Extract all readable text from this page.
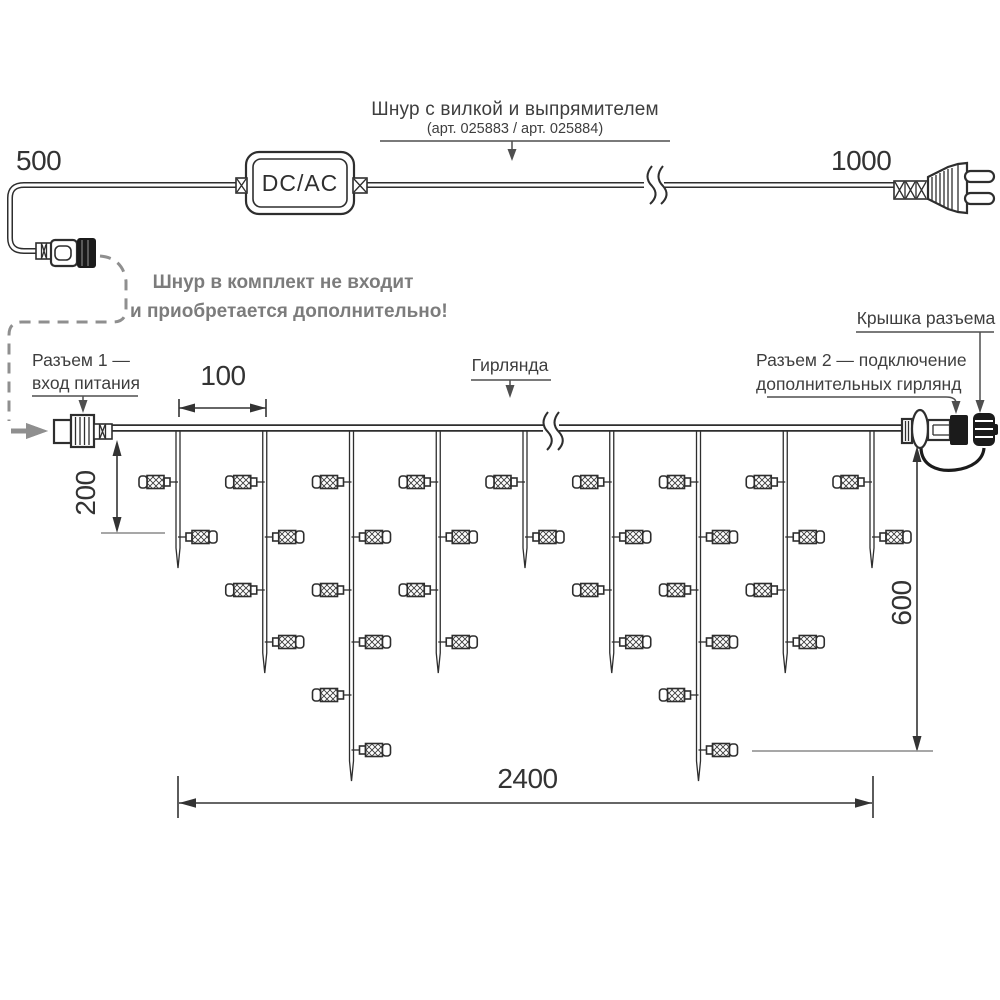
Шнур с вилкой и выпрямителем
(арт. 025883 / арт. 025884)
500	1000
DC/AC
Шнур в комплект не входит
и приобретается дополнительно!
Разъем 1 —
вход питания	100	Гирлянда
Крышка разъема
Разъем 2 — подключение
дополнительных гирлянд
200
600
2400
